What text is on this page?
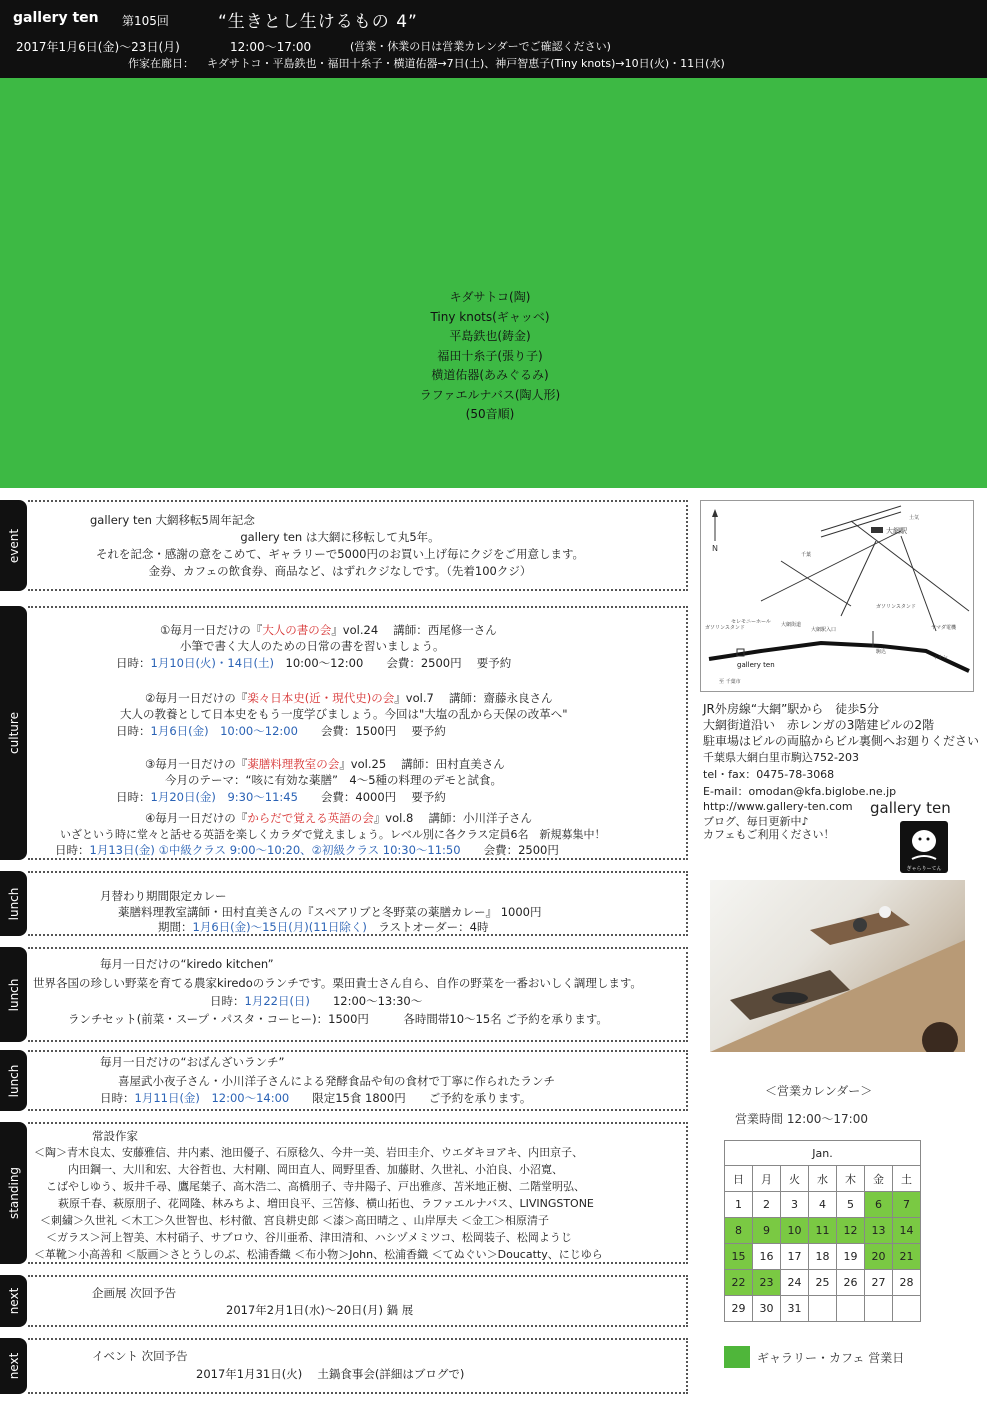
gallery ten 第105回	“生きとし生けるもの 4”
2017年1月6日(金)～23日(月)	12:00～17:00	(営業・休業の日は営業カレンダーでご確認ください)
作家在廊日： キダサトコ・平島鉄也・福田十糸子・横道佑器→7日(土)、神戸智恵子(Tiny knots)→10日(火)・11日(水)
キダサトコ(陶)
Tiny knots(ギャッベ)
平島鉄也(鋳金)
福田十糸子(張り子)
横道佑器(あみぐるみ)
ラファエルナバス(陶人形)
(50音順)
event
gallery ten 大網移転5周年記念
gallery ten は大網に移転して丸5年。
それを記念・感謝の意をこめて、ギャラリーで5000円のお買い上げ毎にクジをご用意します。
金券、カフェの飲食券、商品など、はずれクジなしです。（先着100クジ）
culture
①毎月一日だけの『大人の書の会』vol.24　 講師：西尾修一さん
小筆で書く大人のための日常の書を習いましょう。
日時：1月10日(火)・14日(土)　 10:00～12:00　　 会費：2500円　 要予約
②毎月一日だけの『楽々日本史(近・現代史)の会』vol.7　 講師：齋藤永良さん
大人の教養として日本史をもう一度学びましょう。今回は"大塩の乱から天保の改革へ"
日時：1月6日(金)　 10:00～12:00　　 会費：1500円　 要予約
③毎月一日だけの『薬膳料理教室の会』vol.25　 講師：田村直美さん
今月のテーマ：“咳に有効な薬膳”　4～5種の料理のデモと試食。
日時：1月20日(金)　 9:30～11:45　　 会費：4000円　 要予約
④毎月一日だけの『からだで覚える英語の会』vol.8　 講師：小川洋子さん
いざという時に堂々と話せる英語を楽しくカラダで覚えましょう。レベル別に各クラス定員6名　新規募集中！
日時：1月13日(金) ①中級クラス 9:00～10:20、②初級クラス 10:30～11:50　　 会費：2500円
lunch	月替わり期間限定カレー
薬膳料理教室講師・田村直美さんの『スペアリブと冬野菜の薬膳カレー』 1000円
期間：1月6日(金)～15日(月)(11日除く)　 ラストオーダー：4時
lunch
毎月一日だけの“kiredo kitchen”
世界各国の珍しい野菜を育てる農家kiredoのランチです。栗田貴士さん自ら、自作の野菜を一番おいしく調理します。
日時：1月22日(日)　　 12:00～13:30～
ランチセット(前菜・スープ・パスタ・コーヒー)：1500円　　　各時間帯10～15名 ご予約を承ります。
lunch
毎月一日だけの“おばんざいランチ”
喜屋武小夜子さん・小川洋子さんによる発酵食品や旬の食材で丁寧に作られたランチ
日時：1月11日(金)　 12:00～14:00　　 限定15食 1800円　　ご予約を承ります。
standing
常設作家
＜陶＞青木良太、安藤雅信、井内素、池田優子、石原稔久、今井一美、岩田圭介、ウエダキヨアキ、内田京子、
内田鋼一、大川和宏、大谷哲也、大村剛、岡田直人、岡野里香、加藤財、久世礼、小泊良、小沼寛、
こばやしゆう、坂井千尋、鷹尾葉子、高木浩二、高橋朋子、寺井陽子、戸出雅彦、苫米地正樹、二階堂明弘、
萩原千春、萩原朋子、花岡隆、林みちよ、増田良平、三笘修、横山拓也、ラファエルナバス、LIVINGSTONE
＜刺繍＞久世礼 ＜木工＞久世智也、杉村徹、宮良耕史郎 ＜漆＞高田晴之 、山岸厚夫 ＜金工＞相原清子
＜ガラス＞河上智美、木村硝子、サブロウ、谷川亜希、津田清和、ハシヅメミツコ、松岡装子、松岡ようじ
＜革靴＞小高善和 ＜版画＞さとうしのぶ、松浦香織 ＜布小物＞John、松浦香織 ＜てぬぐい＞Doucatty、にじゆら
next	企画展 次回予告
2017年2月1日(水)～20日(月) 鍋 展
next	イベント 次回予告
2017年1月31日(火)　 土鍋食事会(詳細はブログで)
N
大網駅
gallery ten
ガソリンスタンド
セレモニーホール 大網街道
大網駅入口
ガソリンスタンド
駒込
ヤマダ電機
イオン
至 千葉市
土気
千葉
JR外房線“大網”駅から　徒歩5分
大網街道沿い　赤レンガの3階建ビルの2階
駐車場はビルの両脇からビル裏側へお廻りください
千葉県大網白里市駒込752-203
tel・fax：0475-78-3068
E-mail：omodan@kfa.biglobe.ne.jp
http://www.gallery-ten.com
ブログ、毎日更新中♪
カフェもご利用ください！
gallery ten
ぎゃらりーてん
＜営業カレンダー＞
営業時間 12:00～17:00
Jan.						
日	月	火	水	木	金	土
1	2	3	4	5	6	7
8	9	10	11	12	13	14
15	16	17	18	19	20	21
22	23	24	25	26	27	28
29	30	31				
ギャラリー・カフェ 営業日
